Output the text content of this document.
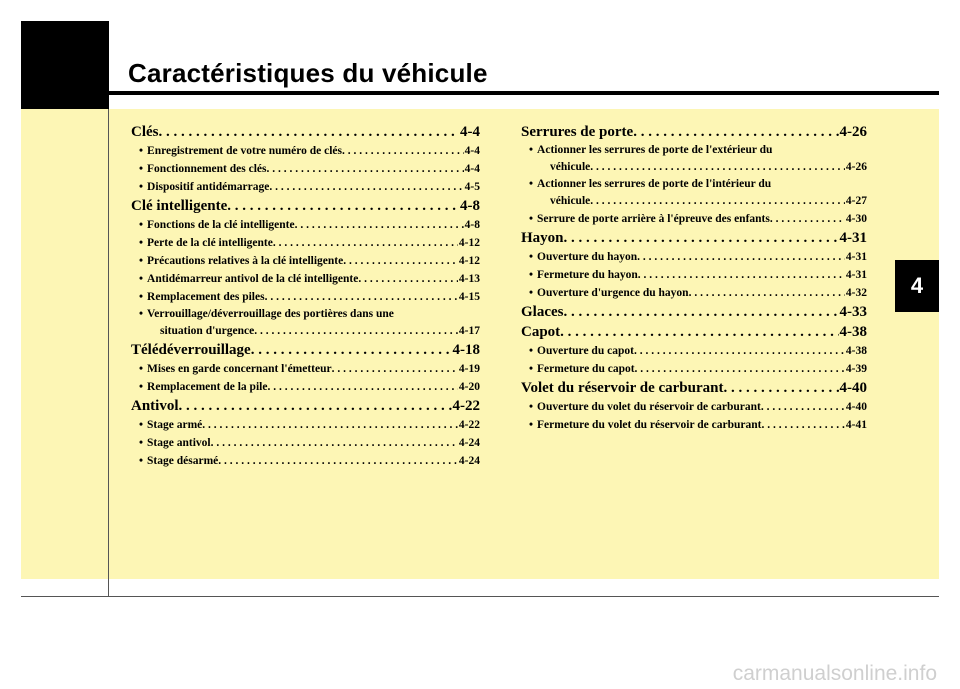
Caractéristiques du véhicule
4
Clés . . .	4-4
• Enregistrement de votre numéro de clés . . .	4-4
• Fonctionnement des clés . . .	4-4
• Dispositif antidémarrage . . .	4-5
Clé intelligente . . .	4-8
• Fonctions de la clé intelligente . . .	4-8
• Perte de la clé intelligente . . .	4-12
• Précautions relatives à la clé intelligente . . .	4-12
• Antidémarreur antivol de la clé intelligente . . .	4-13
• Remplacement des piles . . .	4-15
• Verrouillage/déverrouillage des portières dans une
situation d'urgence . . .	4-17
Télédéverrouillage . . .	4-18
• Mises en garde concernant l'émetteur . . .	4-19
• Remplacement de la pile . . .	4-20
Antivol . . .	4-22
• Stage armé . . .	4-22
• Stage antivol . . .	4-24
• Stage désarmé . . .	4-24
Serrures de porte . . .	4-26
• Actionner les serrures de porte de l'extérieur du
véhicule . . .	4-26
• Actionner les serrures de porte de l'intérieur du
véhicule . . .	4-27
• Serrure de porte arrière à l'épreuve des enfants . . .	4-30
Hayon . . .	4-31
• Ouverture du hayon . . .	4-31
• Fermeture du hayon . . .	4-31
• Ouverture d'urgence du hayon . . .	4-32
Glaces . . .	4-33
Capot . . .	4-38
• Ouverture du capot . . .	4-38
• Fermeture du capot . . .	4-39
Volet du réservoir de carburant . . .	4-40
• Ouverture du volet du réservoir de carburant . . .	4-40
• Fermeture du volet du réservoir de carburant . . .	4-41
carmanualsonline.info
